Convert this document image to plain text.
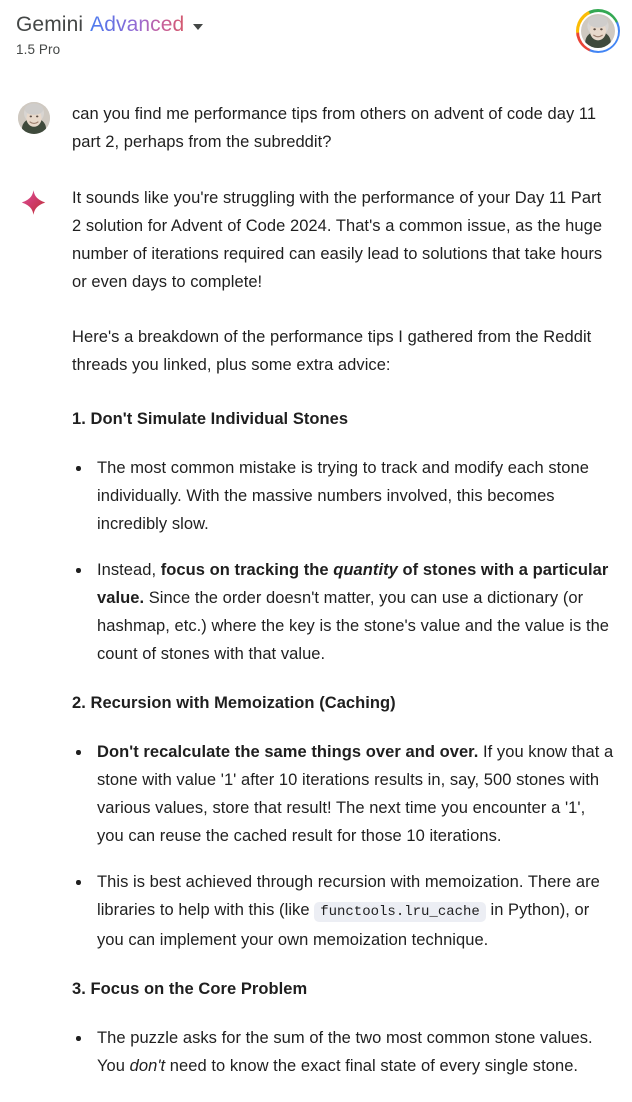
Gemini Advanced
1.5 Pro
can you find me performance tips from others on advent of code day 11 part 2, perhaps from the subreddit?

It sounds like you're struggling with the performance of your Day 11 Part 2 solution for Advent of Code 2024. That's a common issue, as the huge number of iterations required can easily lead to solutions that take hours or even days to complete!

Here's a breakdown of the performance tips I gathered from the Reddit threads you linked, plus some extra advice:

1. Don't Simulate Individual Stones
The most common mistake is trying to track and modify each stone individually. With the massive numbers involved, this becomes incredibly slow.
Instead, focus on tracking the quantity of stones with a particular value. Since the order doesn't matter, you can use a dictionary (or hashmap, etc.) where the key is the stone's value and the value is the count of stones with that value.
2. Recursion with Memoization (Caching)
Don't recalculate the same things over and over. If you know that a stone with value '1' after 10 iterations results in, say, 500 stones with various values, store that result! The next time you encounter a '1', you can reuse the cached result for those 10 iterations.
This is best achieved through recursion with memoization. There are libraries to help with this (like functools.lru_cache in Python), or you can implement your own memoization technique.
3. Focus on the Core Problem
The puzzle asks for the sum of the two most common stone values. You don't need to know the exact final state of every single stone.
